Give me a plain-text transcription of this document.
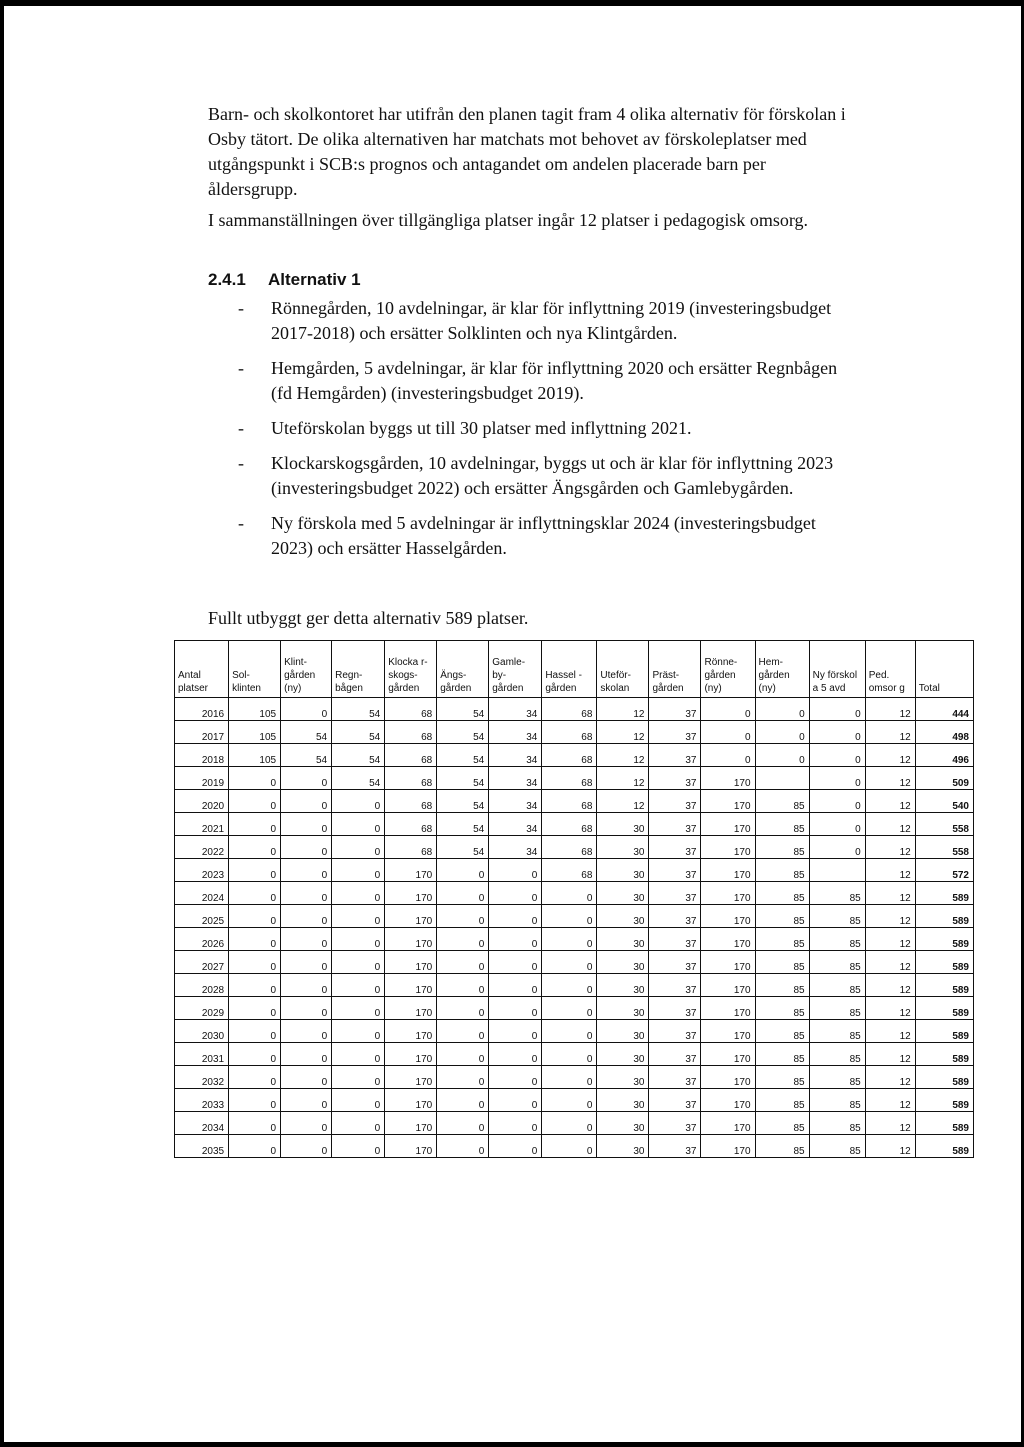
Barn- och skolkontoret har utifrån den planen tagit fram 4 olika alternativ för förskolan i Osby tätort. De olika alternativen har matchats mot behovet av förskoleplatser med utgångspunkt i SCB:s prognos och antagandet om andelen placerade barn per åldersgrupp.

I sammanställningen över tillgängliga platser ingår 12 platser i pedagogisk omsorg.

2.4.1 Alternativ 1
- Rönnegården, 10 avdelningar, är klar för inflyttning 2019 (investeringsbudget 2017-2018) och ersätter Solklinten och nya Klintgården.
- Hemgården, 5 avdelningar, är klar för inflyttning 2020 och ersätter Regnbågen (fd Hemgården) (investeringsbudget 2019).
- Uteförskolan byggs ut till 30 platser med inflyttning 2021.
- Klockarskogsgården, 10 avdelningar, byggs ut och är klar för inflyttning 2023 (investeringsbudget 2022) och ersätter Ängsgården och Gamlebygården.
- Ny förskola med 5 avdelningar är inflyttningsklar 2024 (investeringsbudget 2023) och ersätter Hasselgården.

Fullt utbyggt ger detta alternativ 589 platser.

Antal platser	Sol- klinten	Klint- gården (ny)	Regn- bågen	Klocka r- skogs- gården	Ängs- gården	Gamle- by- gården	Hassel - gården	Uteför- skolan	Präst- gården	Rönne- gården (ny)	Hem- gården (ny)	Ny förskol a 5 avd	Ped. omsor g	Total
2016	105	0	54	68	54	34	68	12	37	0	0	0	12	444
2017	105	54	54	68	54	34	68	12	37	0	0	0	12	498
2018	105	54	54	68	54	34	68	12	37	0	0	0	12	496
2019	0	0	54	68	54	34	68	12	37	170		0	12	509
2020	0	0	0	68	54	34	68	12	37	170	85	0	12	540
2021	0	0	0	68	54	34	68	30	37	170	85	0	12	558
2022	0	0	0	68	54	34	68	30	37	170	85	0	12	558
2023	0	0	0	170	0	0	68	30	37	170	85		12	572
2024	0	0	0	170	0	0	0	30	37	170	85	85	12	589
2025	0	0	0	170	0	0	0	30	37	170	85	85	12	589
2026	0	0	0	170	0	0	0	30	37	170	85	85	12	589
2027	0	0	0	170	0	0	0	30	37	170	85	85	12	589
2028	0	0	0	170	0	0	0	30	37	170	85	85	12	589
2029	0	0	0	170	0	0	0	30	37	170	85	85	12	589
2030	0	0	0	170	0	0	0	30	37	170	85	85	12	589
2031	0	0	0	170	0	0	0	30	37	170	85	85	12	589
2032	0	0	0	170	0	0	0	30	37	170	85	85	12	589
2033	0	0	0	170	0	0	0	30	37	170	85	85	12	589
2034	0	0	0	170	0	0	0	30	37	170	85	85	12	589
2035	0	0	0	170	0	0	0	30	37	170	85	85	12	589
